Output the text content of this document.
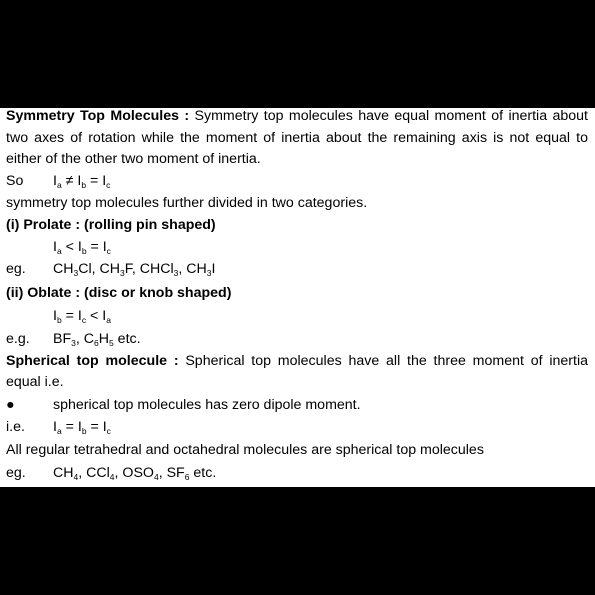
Symmetry Top Molecules : Symmetry top molecules have equal moment of inertia about
two axes of rotation while the moment of inertia about the remaining axis is not equal to
either of the other two moment of inertia.
So $I_a \ne I_b = I_c$
symmetry top molecules further divided in two categories.
(i) Prolate : (rolling pin shaped)
$I_a < I_b = I_c$
eg. $CH_3Cl$, $CH_3F$, CHCl$_3$, $CH_3I$
(ii) Oblate : (disc or knob shaped)
$I_b = I_c < I_a$
e.g. $BF_3$, $C_6H_5$ etc.
Spherical top molecule : Spherical top molecules have all the three moment of inertia
equal i.e.
●	spherical top molecules has zero dipole moment.
i.e. $I_a = I_b = I_c$
All regular tetrahedral and octahedral molecules are spherical top molecules
eg. $CH_4$, CCl$_4$, $OSO_4$, $SF_6$ etc.
